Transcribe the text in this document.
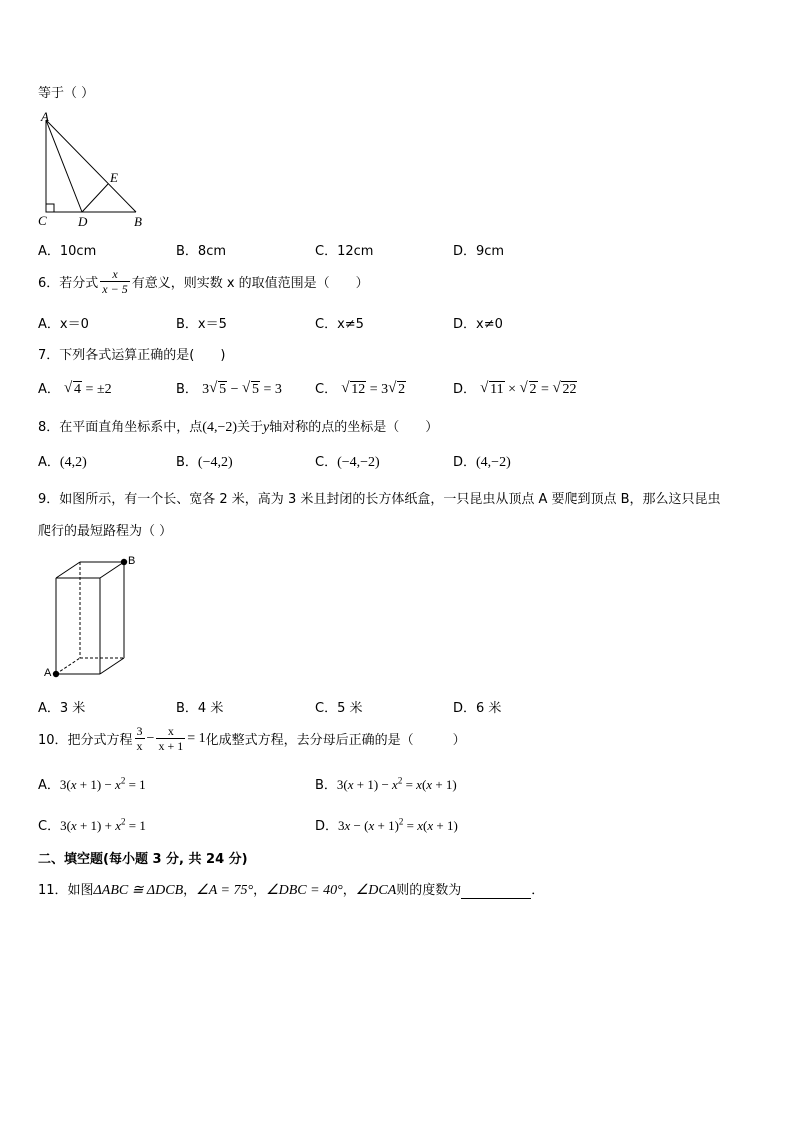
等于（ ）
A
C D	B
E
A．10cm	B．8cm	C．12cm	D．9cm
6．若分式 $\frac{x}{x - 5}$ 有意义，则实数 x 的取值范围是（　　）
A．x＝0	B．x＝5	C．x≠5	D．x≠0
7．下列各式运算正确的是(　　)
A． √ 4 = ±2	B． 3 √ 5 − √ 5 = 3	C． √ 12 = 3 √ 2	D． √ 11 × √ 2 = √ 22
8．在平面直角坐标系中，点(4,−2)关于y轴对称的点的坐标是（　　）
A．(4,2)	B．(−4,2)	C．(−4,−2)	D．(4,−2)
9．如图所示，有一个长、宽各 2 米，高为 3 米且封闭的长方体纸盒，一只昆虫从顶点 A 要爬到顶点 B，那么这只昆虫
爬行的最短路程为（ ）
B
A
A．3 米	B．4 米	C．5 米	D．6 米
10．把分式方程 $\frac{3}{x} - \frac{x}{x + 1} = 1$ 化成整式方程，去分母后正确的是（　　　）
A．$3(x + 1) - x^2 = 1$	B．$3(x + 1) - x^2 = x(x + 1)$
C．$3(x + 1) + x^2 = 1$	D．$3x - (x + 1)^2 = x(x + 1)$
二、填空题(每小题 3 分, 共 24 分)
11．如图ΔABC ≅ ΔDCB，∠A = 75°，∠DBC = 40°，∠DCA则的度数为	．
